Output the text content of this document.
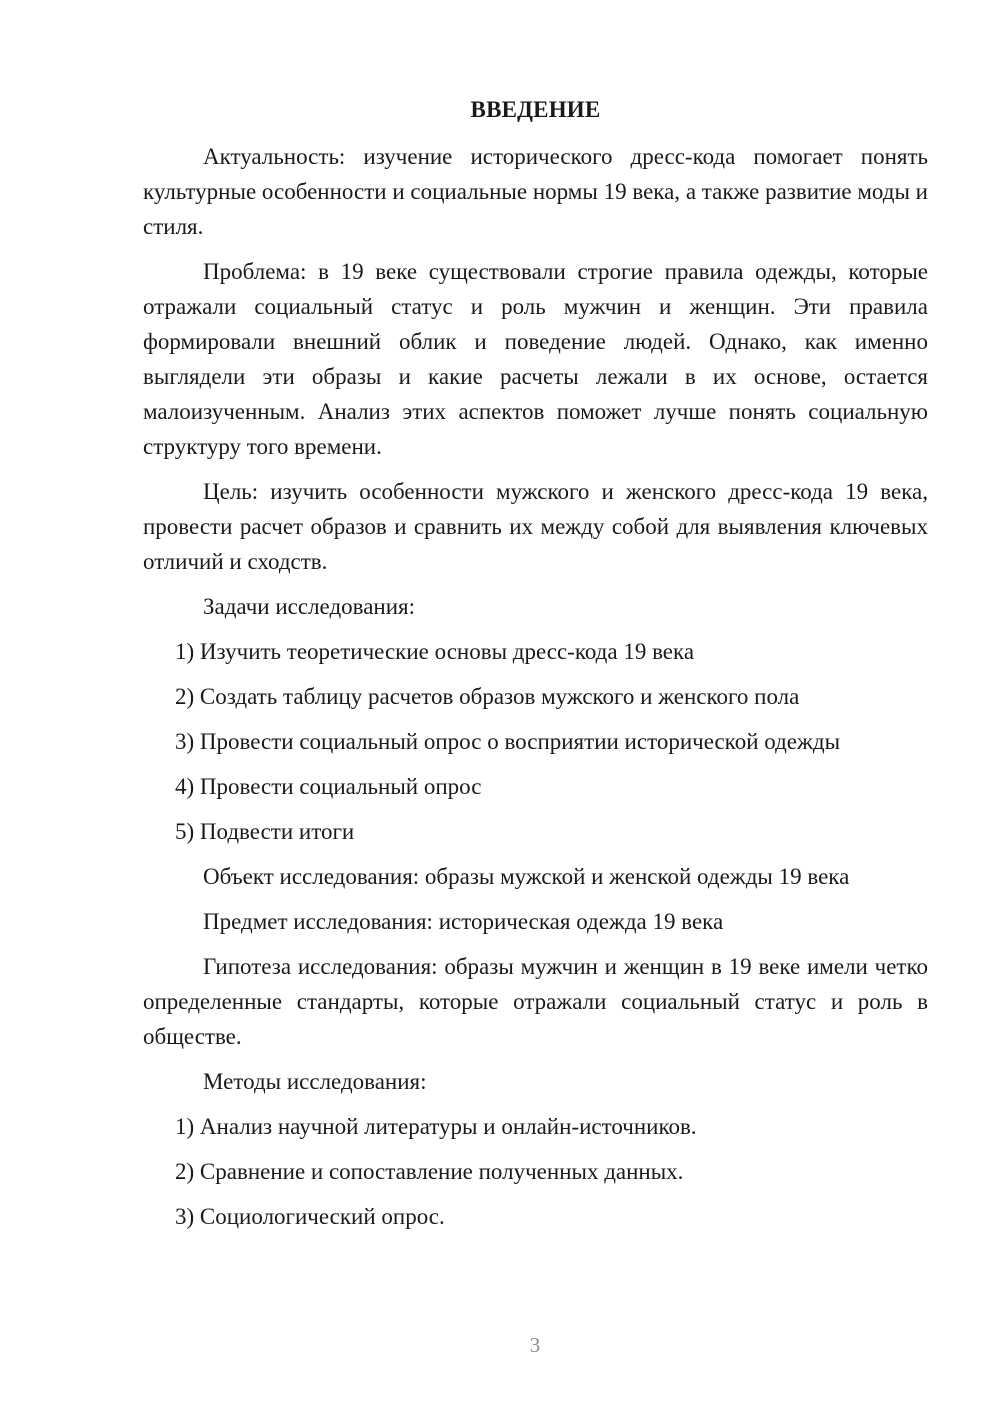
ВВЕДЕНИЕ

Актуальность: изучение исторического дресс-кода помогает понять культурные особенности и социальные нормы 19 века, а также развитие моды и стиля.

Проблема: в 19 веке существовали строгие правила одежды, которые отражали социальный статус и роль мужчин и женщин. Эти правила формировали внешний облик и поведение людей. Однако, как именно выглядели эти образы и какие расчеты лежали в их основе, остается малоизученным. Анализ этих аспектов поможет лучше понять социальную структуру того времени.

Цель: изучить особенности мужского и женского дресс-кода 19 века, провести расчет образов и сравнить их между собой для выявления ключевых отличий и сходств.

Задачи исследования:
1) Изучить теоретические основы дресс-кода 19 века
2) Создать таблицу расчетов образов мужского и женского пола
3) Провести социальный опрос о восприятии исторической одежды
4) Провести социальный опрос
5) Подвести итоги
Объект исследования: образы мужской и женской одежды 19 века
Предмет исследования: историческая одежда 19 века

Гипотеза исследования: образы мужчин и женщин в 19 веке имели четко определенные стандарты, которые отражали социальный статус и роль в обществе.

Методы исследования:
1) Анализ научной литературы и онлайн-источников.
2) Сравнение и сопоставление полученных данных.
3) Социологический опрос.
3
